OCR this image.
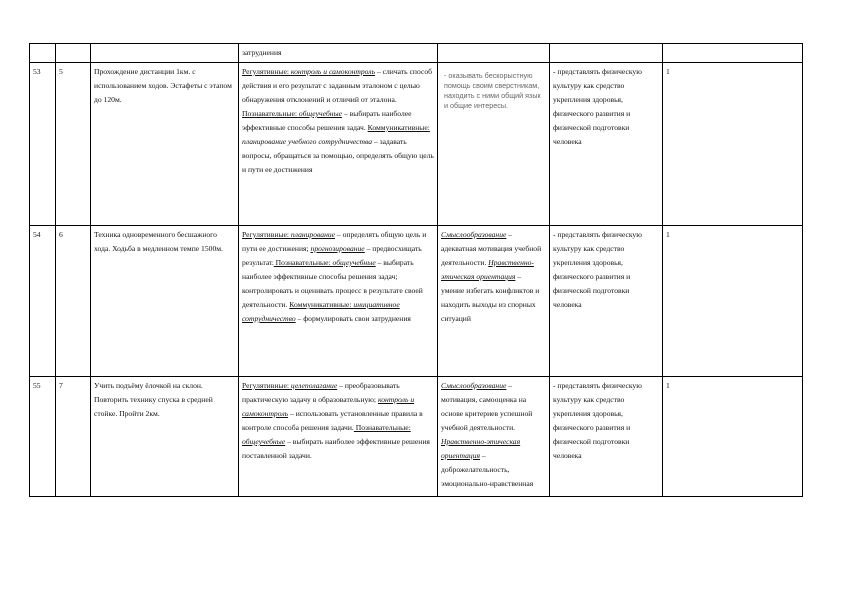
			затруднения			
53	5	Прохождение дистанции 1км. с использованием ходов. Эстафеты с этапом до 120м.	Регулятивные: контроль и самоконтроль – сличать способ действия и его результат с заданным эталоном с целью обнаружения отклонений и отличий от эталона. Познавательные: общеучебные – выбирать наиболее эффективные способы решения задач. Коммуникативные: планирование учебного сотрудничества – задавать вопросы, обращаться за помощью, определять общую цель и пути ее достижения	- оказывать бескорыстную помощь своим сверстникам, находить с ними общий язык и общие интересы.	- представлять физическую культуру как средство укрепления здоровья, физического развития и физической подготовки человека	1
54	6	Техника одновременного бесшажного хода. Ходьба в медленном темпе 1500м.	Регулятивные: планирование – определять общую цель и пути ее достижения; прогнозирование – предвосхищать результат. Познавательные: общеучебные – выбирать наиболее эффективные способы решения задач; контролировать и оценивать процесс в результате своей деятельности. Коммуникативные: инициативное сотрудничество – формулировать свои затруднения	Смыслообразование – адекватная мотивация учебной деятельности. Нравственно-этическая ориентация – умение избегать конфликтов и находить выходы из спорных ситуаций	- представлять физическую культуру как средство укрепления здоровья, физического развития и физической подготовки человека	1
55	7	Учить подъёму ёлочкой на склон. Повторить технику спуска в средней стойке. Пройти 2км.	Регулятивные: целеполагание – преобразовывать практическую задачу в образовательную; контроль и самоконтроль – использовать установленные правила в контроле способа решения задачи. Познавательные: общеучебные – выбирать наиболее эффективные решения поставленной задачи.	Смыслообразование – мотивация, самооценка на основе критериев успешной учебной деятельности. Нравственно-этическая ориентация – доброжелательность, эмоционально-нравственная	- представлять физическую культуру как средство укрепления здоровья, физического развития и физической подготовки человека	1
